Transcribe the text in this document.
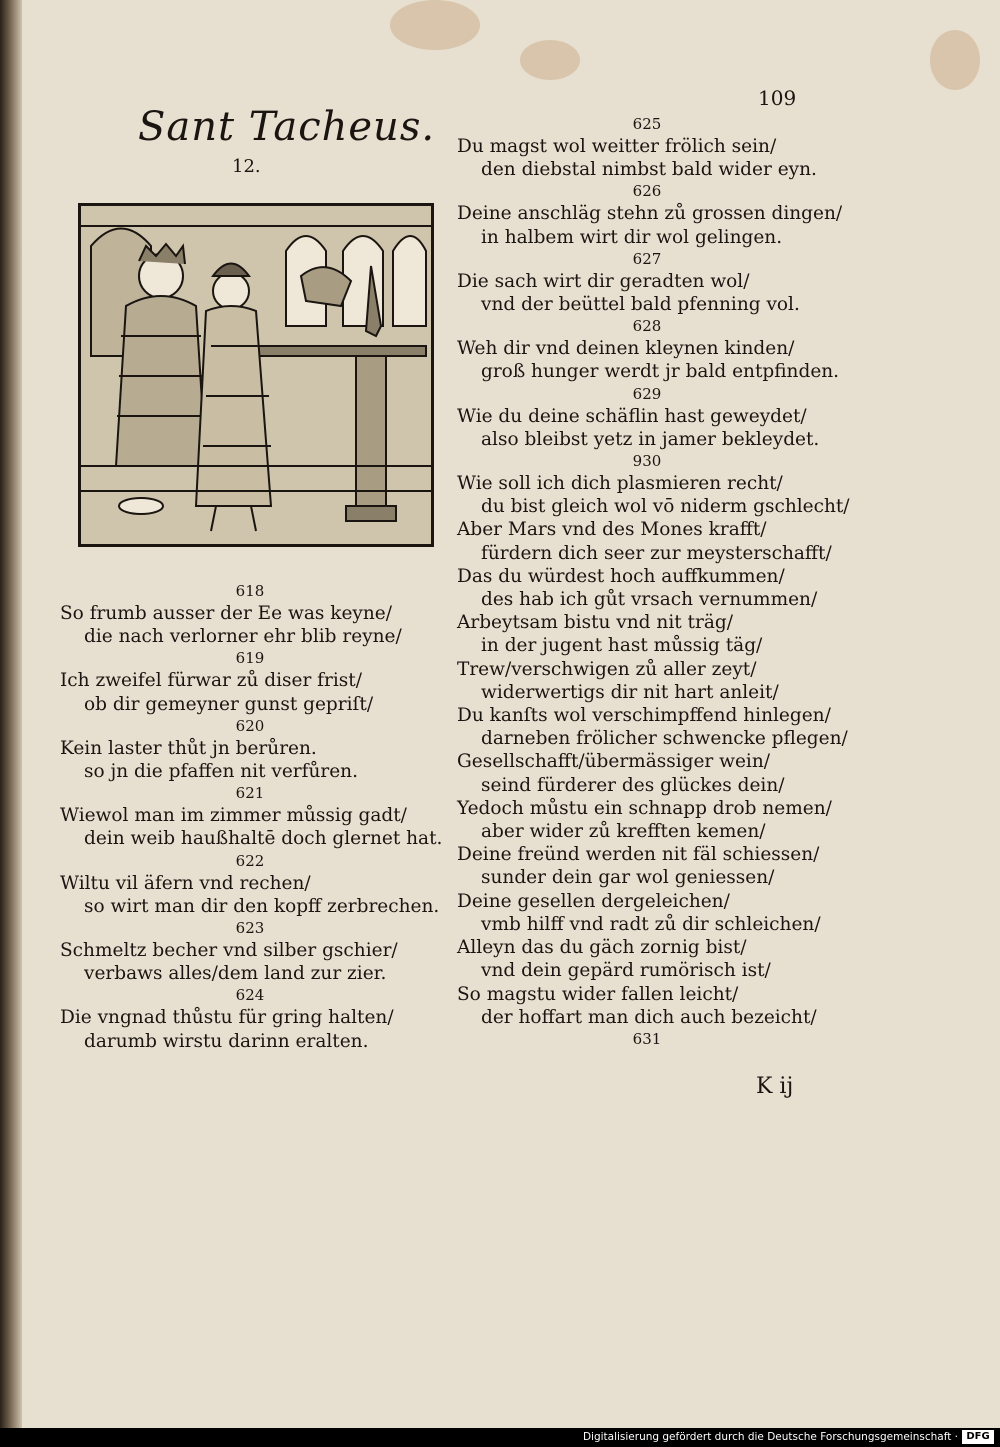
109
Sant Tacheus.
12.
618
So frumb ausser der Ee was keyne/
die nach verlorner ehr blib reyne/
619
Ich zweifel fürwar zů diser frist/
ob dir gemeyner gunst gepriſt/
620
Kein laster thůt jn berůren.
so jn die pfaffen nit verfůren.
621
Wiewol man im zimmer můssig gadt/
dein weib haußhaltē doch glernet hat.
622
Wiltu vil äfern vnd rechen/
so wirt man dir den kopff zerbrechen.
623
Schmeltz becher vnd silber gschier/
verbaws alles/dem land zur zier.
624
Die vngnad thůstu für gring halten/
darumb wirstu darinn eralten.
625
Du magst wol weitter frölich sein/
den diebstal nimbst bald wider eyn.
626
Deine anschläg stehn zů grossen dingen/
in halbem wirt dir wol gelingen.
627
Die sach wirt dir geradten wol/
vnd der beüttel bald pfenning vol.
628
Weh dir vnd deinen kleynen kinden/
groß hunger werdt jr bald entpfinden.
629
Wie du deine schäflin hast geweydet/
also bleibst yetz in jamer bekleydet.
930
Wie soll ich dich plasmieren recht/
du bist gleich wol vō niderm gschlecht/
Aber Mars vnd des Mones krafft/
fürdern dich seer zur meysterschafft/
Das du würdest hoch auffkummen/
des hab ich gůt vrsach vernummen/
Arbeytsam bistu vnd nit träg/
in der jugent hast můssig täg/
Trew/verschwigen zů aller zeyt/
widerwertigs dir nit hart anleit/
Du kanſts wol verschimpffend hinlegen/
darneben frölicher schwencke pflegen/
Gesellschafft/übermässiger wein/
seind fürderer des glückes dein/
Yedoch můstu ein schnapp drob nemen/
aber wider zů krefften kemen/
Deine freünd werden nit fäl schiessen/
sunder dein gar wol geniessen/
Deine gesellen dergeleichen/
vmb hilff vnd radt zů dir schleichen/
Alleyn das du gäch zornig bist/
vnd dein gepärd rumörisch ist/
So magstu wider fallen leicht/
der hoffart man dich auch bezeicht/
631
K ij
Digitalisierung gefördert durch die Deutsche Forschungsgemeinschaft · DFG
